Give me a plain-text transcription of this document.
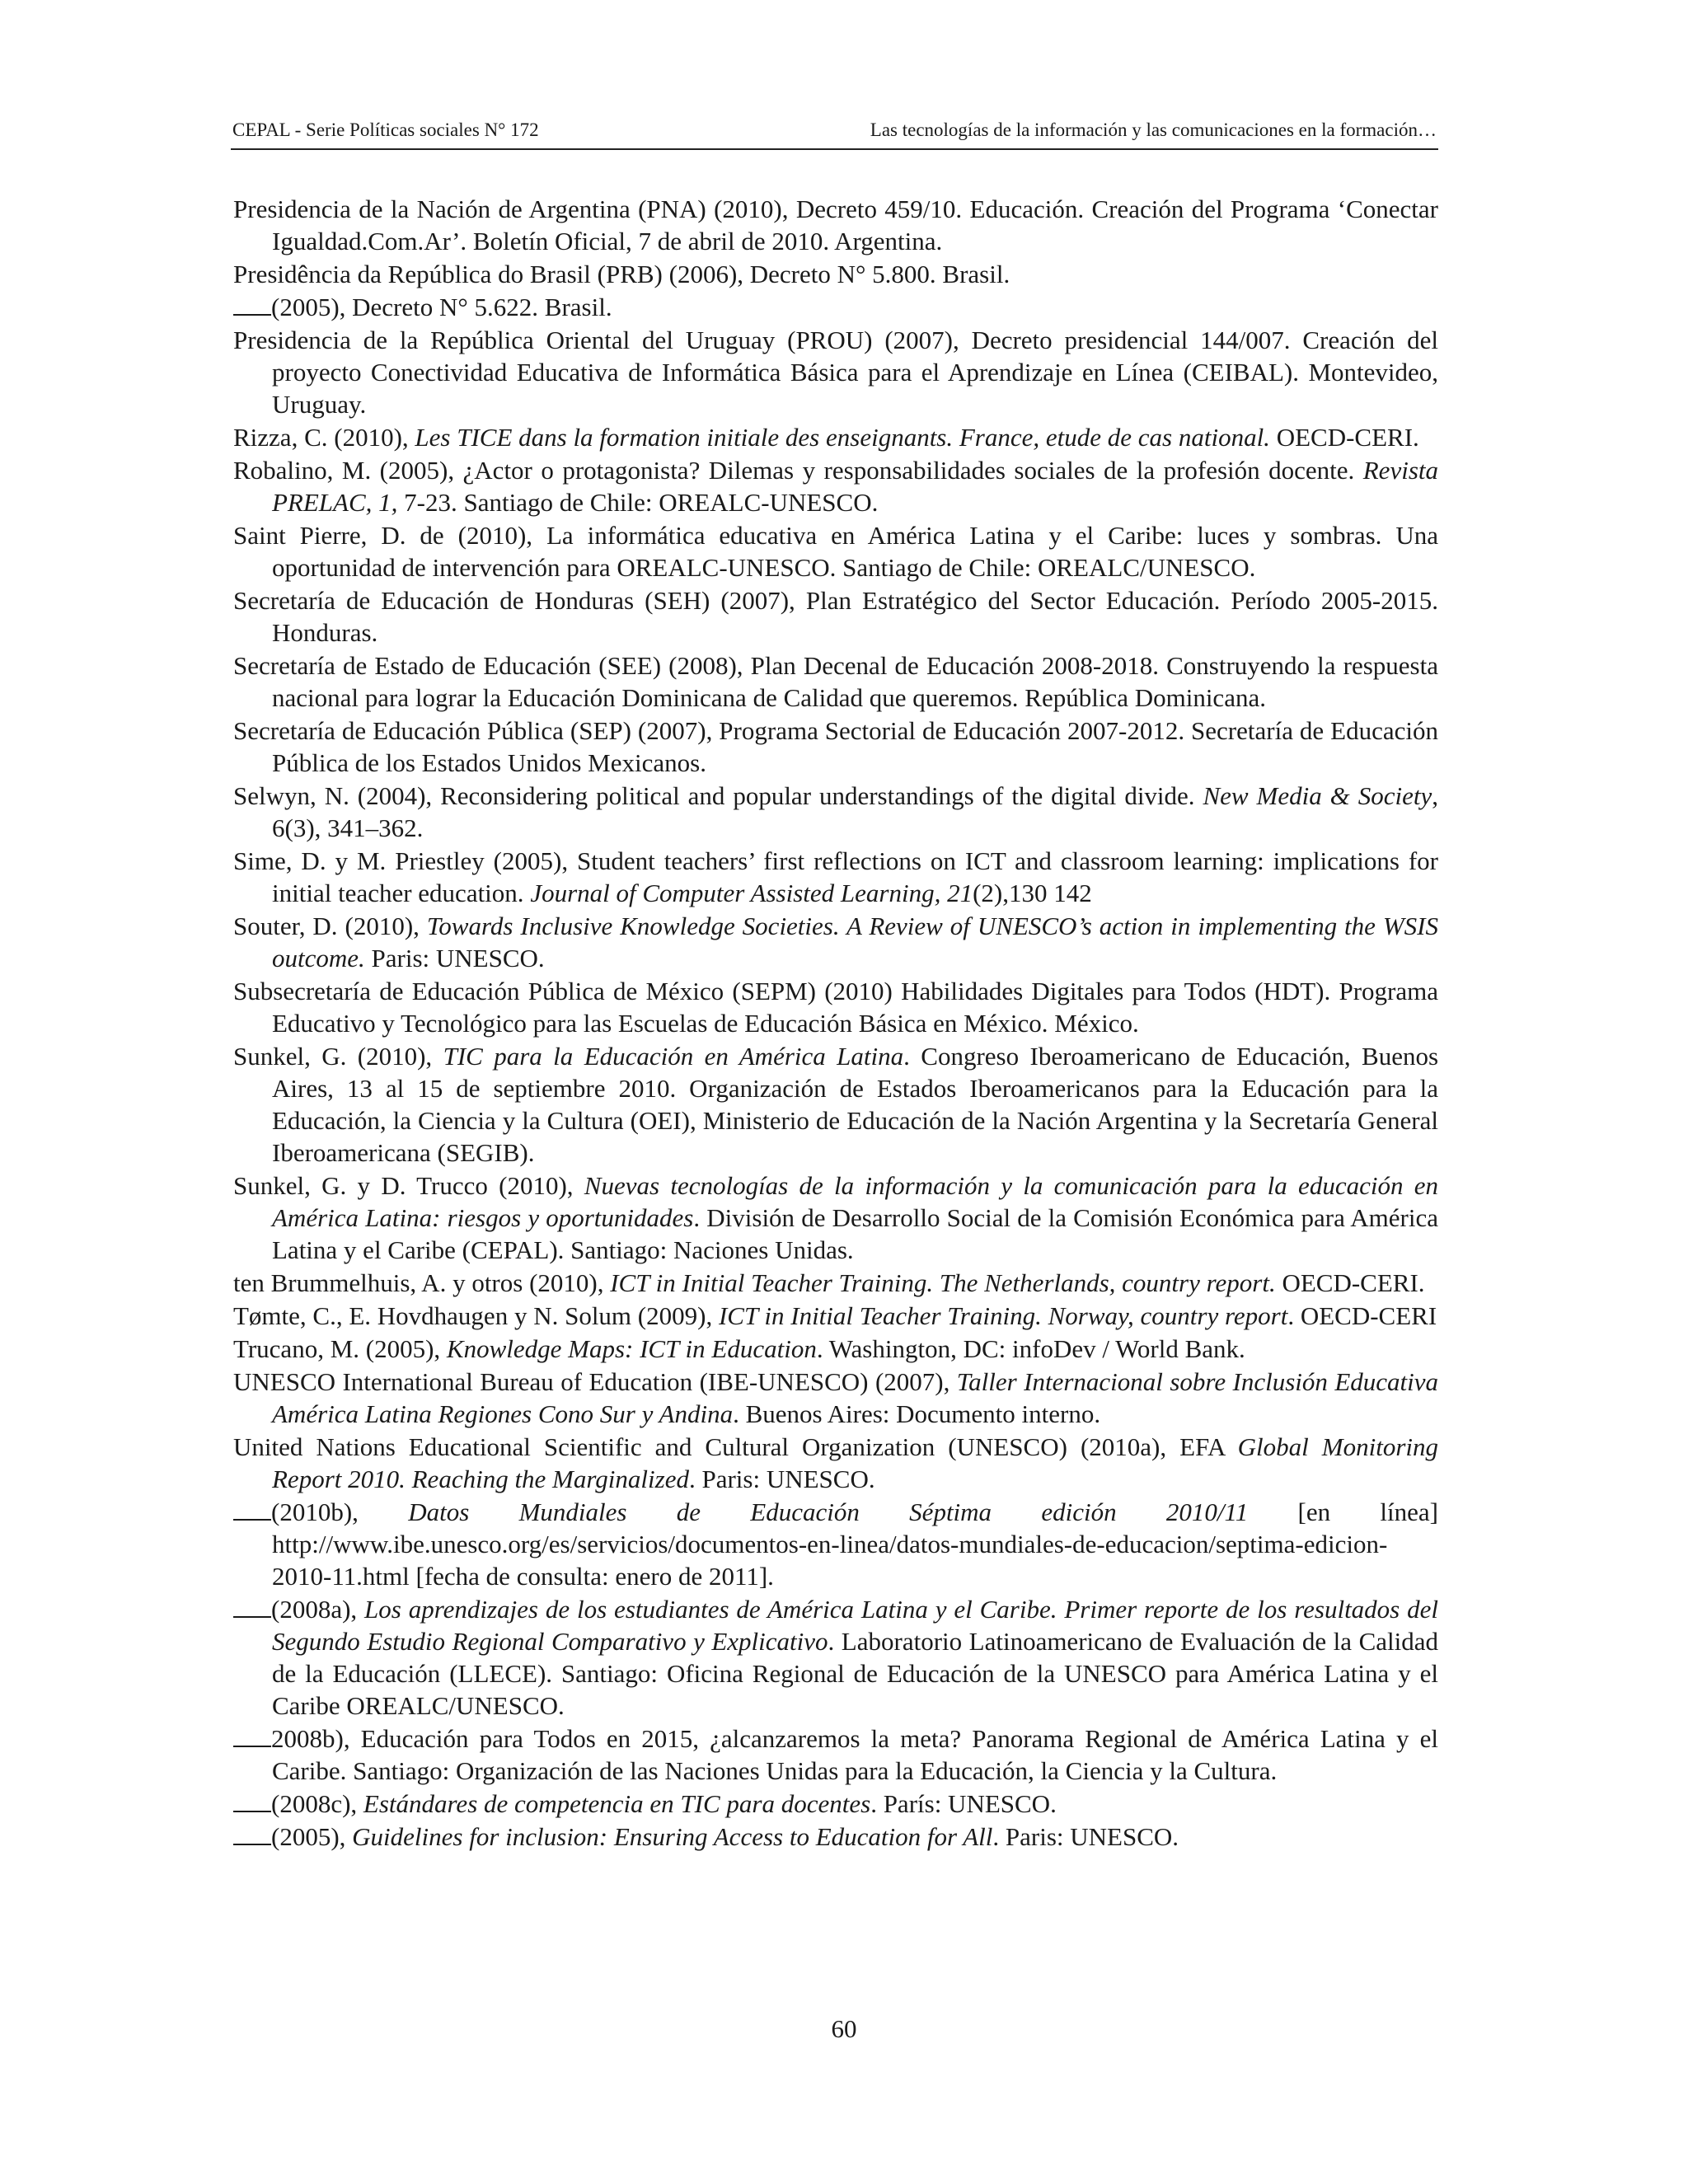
CEPAL - Serie Políticas sociales N° 172	Las tecnologías de la información y las comunicaciones en la formación…

Presidencia de la Nación de Argentina (PNA) (2010), Decreto 459/10. Educación. Creación del Programa ‘Conectar Igualdad.Com.Ar’. Boletín Oficial, 7 de abril de 2010. Argentina.

Presidência da República do Brasil (PRB) (2006), Decreto N° 5.800. Brasil.

(2005), Decreto N° 5.622. Brasil.

Presidencia de la República Oriental del Uruguay (PROU) (2007), Decreto presidencial 144/007. Creación del proyecto Conectividad Educativa de Informática Básica para el Aprendizaje en Línea (CEIBAL). Montevideo, Uruguay.

Rizza, C. (2010), Les TICE dans la formation initiale des enseignants. France, etude de cas national. OECD-CERI.

Robalino, M. (2005), ¿Actor o protagonista? Dilemas y responsabilidades sociales de la profesión docente. Revista PRELAC, 1, 7-23. Santiago de Chile: OREALC-UNESCO.

Saint Pierre, D. de (2010), La informática educativa en América Latina y el Caribe: luces y sombras. Una oportunidad de intervención para OREALC-UNESCO. Santiago de Chile: OREALC/UNESCO.

Secretaría de Educación de Honduras (SEH) (2007), Plan Estratégico del Sector Educación. Período 2005-2015. Honduras.

Secretaría de Estado de Educación (SEE) (2008), Plan Decenal de Educación 2008-2018. Construyendo la respuesta nacional para lograr la Educación Dominicana de Calidad que queremos. República Dominicana.

Secretaría de Educación Pública (SEP) (2007), Programa Sectorial de Educación 2007-2012. Secretaría de Educación Pública de los Estados Unidos Mexicanos.

Selwyn, N. (2004), Reconsidering political and popular understandings of the digital divide. New Media & Society, 6(3), 341–362.

Sime, D. y M. Priestley (2005), Student teachers’ first reflections on ICT and classroom learning: implications for initial teacher education. Journal of Computer Assisted Learning, 21(2),130 142

Souter, D. (2010), Towards Inclusive Knowledge Societies. A Review of UNESCO’s action in implementing the WSIS outcome. Paris: UNESCO.

Subsecretaría de Educación Pública de México (SEPM) (2010) Habilidades Digitales para Todos (HDT). Programa Educativo y Tecnológico para las Escuelas de Educación Básica en México. México.

Sunkel, G. (2010), TIC para la Educación en América Latina. Congreso Iberoamericano de Educación, Buenos Aires, 13 al 15 de septiembre 2010. Organización de Estados Iberoamericanos para la Educación para la Educación, la Ciencia y la Cultura (OEI), Ministerio de Educación de la Nación Argentina y la Secretaría General Iberoamericana (SEGIB).

Sunkel, G. y D. Trucco (2010), Nuevas tecnologías de la información y la comunicación para la educación en América Latina: riesgos y oportunidades. División de Desarrollo Social de la Comisión Económica para América Latina y el Caribe (CEPAL). Santiago: Naciones Unidas.

ten Brummelhuis, A. y otros (2010), ICT in Initial Teacher Training. The Netherlands, country report. OECD-CERI.

Tømte, C., E. Hovdhaugen y N. Solum (2009), ICT in Initial Teacher Training. Norway, country report. OECD-CERI

Trucano, M. (2005), Knowledge Maps: ICT in Education. Washington, DC: infoDev / World Bank.

UNESCO International Bureau of Education (IBE-UNESCO) (2007), Taller Internacional sobre Inclusión Educativa América Latina Regiones Cono Sur y Andina. Buenos Aires: Documento interno.

United Nations Educational Scientific and Cultural Organization (UNESCO) (2010a), EFA Global Monitoring Report 2010. Reaching the Marginalized. Paris: UNESCO.

(2010b), Datos Mundiales de Educación Séptima edición 2010/11 [en línea] http://www.ibe.unesco.org/es/servicios/documentos-en-linea/datos-mundiales-de-educacion/septima-edicion-2010-11.html [fecha de consulta: enero de 2011].

(2008a), Los aprendizajes de los estudiantes de América Latina y el Caribe. Primer reporte de los resultados del Segundo Estudio Regional Comparativo y Explicativo. Laboratorio Latinoamericano de Evaluación de la Calidad de la Educación (LLECE). Santiago: Oficina Regional de Educación de la UNESCO para América Latina y el Caribe OREALC/UNESCO.

2008b), Educación para Todos en 2015, ¿alcanzaremos la meta? Panorama Regional de América Latina y el Caribe. Santiago: Organización de las Naciones Unidas para la Educación, la Ciencia y la Cultura.

(2008c), Estándares de competencia en TIC para docentes. París: UNESCO.

(2005), Guidelines for inclusion: Ensuring Access to Education for All. Paris: UNESCO.

60
